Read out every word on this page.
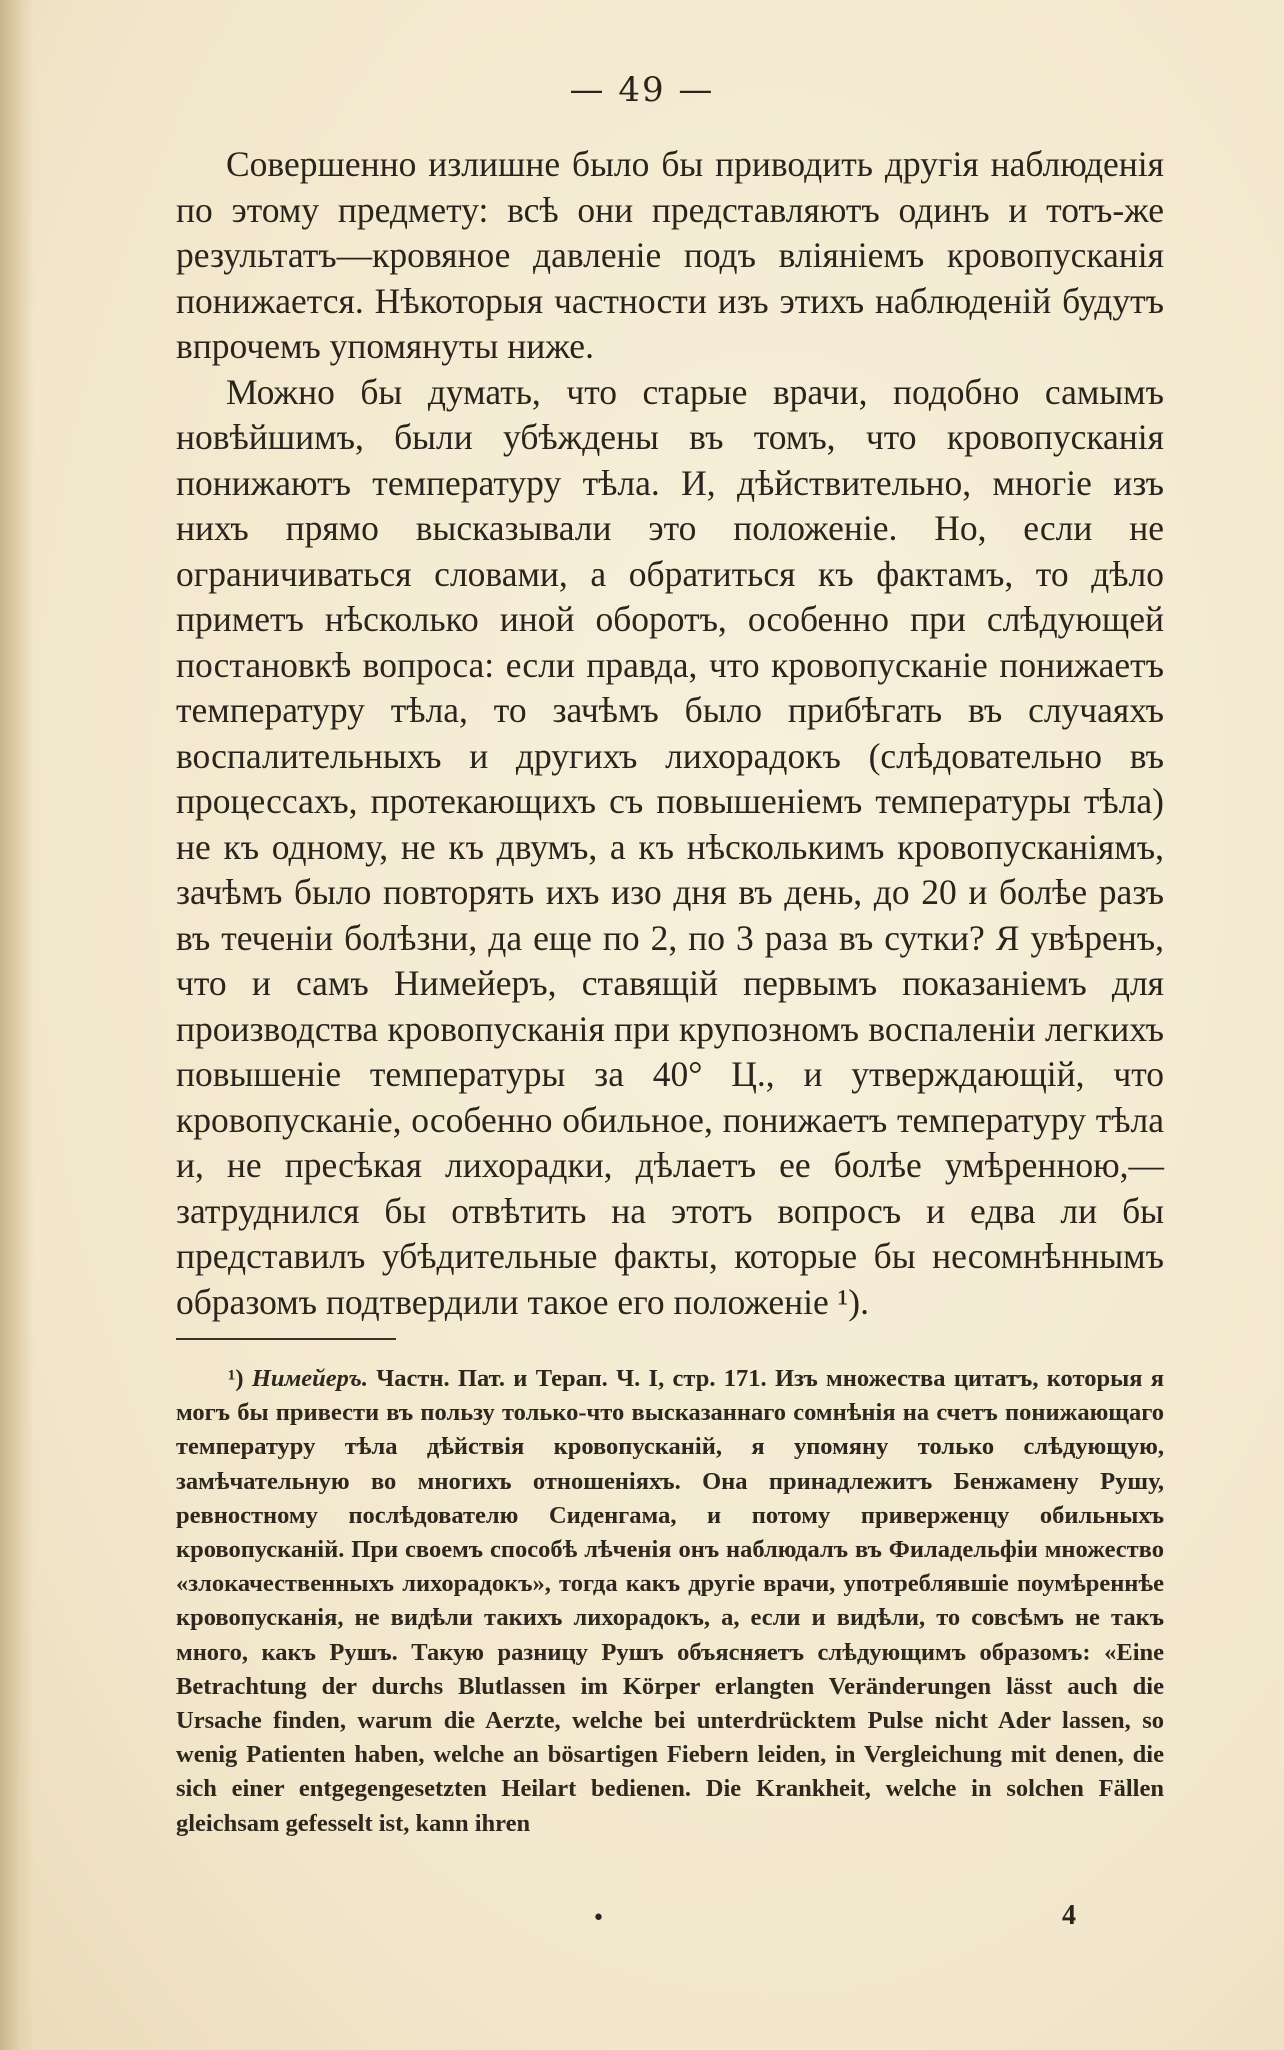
— 49 —

Совершенно излишне было бы приводить другія наблюденія по этому предмету: всѣ они представляютъ одинъ и тотъ-же результатъ—кровяное давленіе подъ вліяніемъ кровопусканія понижается. Нѣкоторыя частности изъ этихъ наблюденій будутъ впрочемъ упомянуты ниже.

Можно бы думать, что старые врачи, подобно самымъ новѣйшимъ, были убѣждены въ томъ, что кровопусканія понижаютъ температуру тѣла. И, дѣйствительно, многіе изъ нихъ прямо высказывали это положеніе. Но, если не ограничиваться словами, а обратиться къ фактамъ, то дѣло приметъ нѣсколько иной оборотъ, особенно при слѣдующей постановкѣ вопроса: если правда, что кровопусканіе понижаетъ температуру тѣла, то зачѣмъ было прибѣгать въ случаяхъ воспалительныхъ и другихъ лихорадокъ (слѣдовательно въ процессахъ, протекающихъ съ повышеніемъ температуры тѣла) не къ одному, не къ двумъ, а къ нѣсколькимъ кровопусканіямъ, зачѣмъ было повторять ихъ изо дня въ день, до 20 и болѣе разъ въ теченіи болѣзни, да еще по 2, по 3 раза въ сутки? Я увѣренъ, что и самъ Нимейеръ, ставящій первымъ показаніемъ для производства кровопусканія при крупозномъ воспаленіи легкихъ повышеніе температуры за 40° Ц., и утверждающій, что кровопусканіе, особенно обильное, понижаетъ температуру тѣла и, не пресѣкая лихорадки, дѣлаетъ ее болѣе умѣренною,—затруднился бы отвѣтить на этотъ вопросъ и едва ли бы представилъ убѣдительные факты, которые бы несомнѣннымъ образомъ подтвердили такое его положеніе ¹).

¹) Нимейеръ. Частн. Пат. и Терап. Ч. I, стр. 171. Изъ множества цитатъ, которыя я могъ бы привести въ пользу только-что высказаннаго сомнѣнія на счетъ понижающаго температуру тѣла дѣйствія кровопусканій, я упомяну только слѣдующую, замѣчательную во многихъ отношеніяхъ. Она принадлежитъ Бенжамену Рушу, ревностному послѣдователю Сиденгама, и потому приверженцу обильныхъ кровопусканій. При своемъ способѣ лѣченія онъ наблюдалъ въ Филадельфіи множество «злокачественныхъ лихорадокъ», тогда какъ другіе врачи, употреблявшіе поумѣреннѣе кровопусканія, не видѣли такихъ лихорадокъ, а, если и видѣли, то совсѣмъ не такъ много, какъ Рушъ. Такую разницу Рушъ объясняетъ слѣдующимъ образомъ: «Eine Betrachtung der durchs Blutlassen im Körper erlangten Veränderungen lässt auch die Ursache finden, warum die Aerzte, welche bei unterdrücktem Pulse nicht Ader lassen, so wenig Patienten haben, welche an bösartigen Fiebern leiden, in Vergleichung mit denen, die sich einer entgegengesetzten Heilart bedienen. Die Krankheit, welche in solchen Fällen gleichsam gefesselt ist, kann ihren

•	4
